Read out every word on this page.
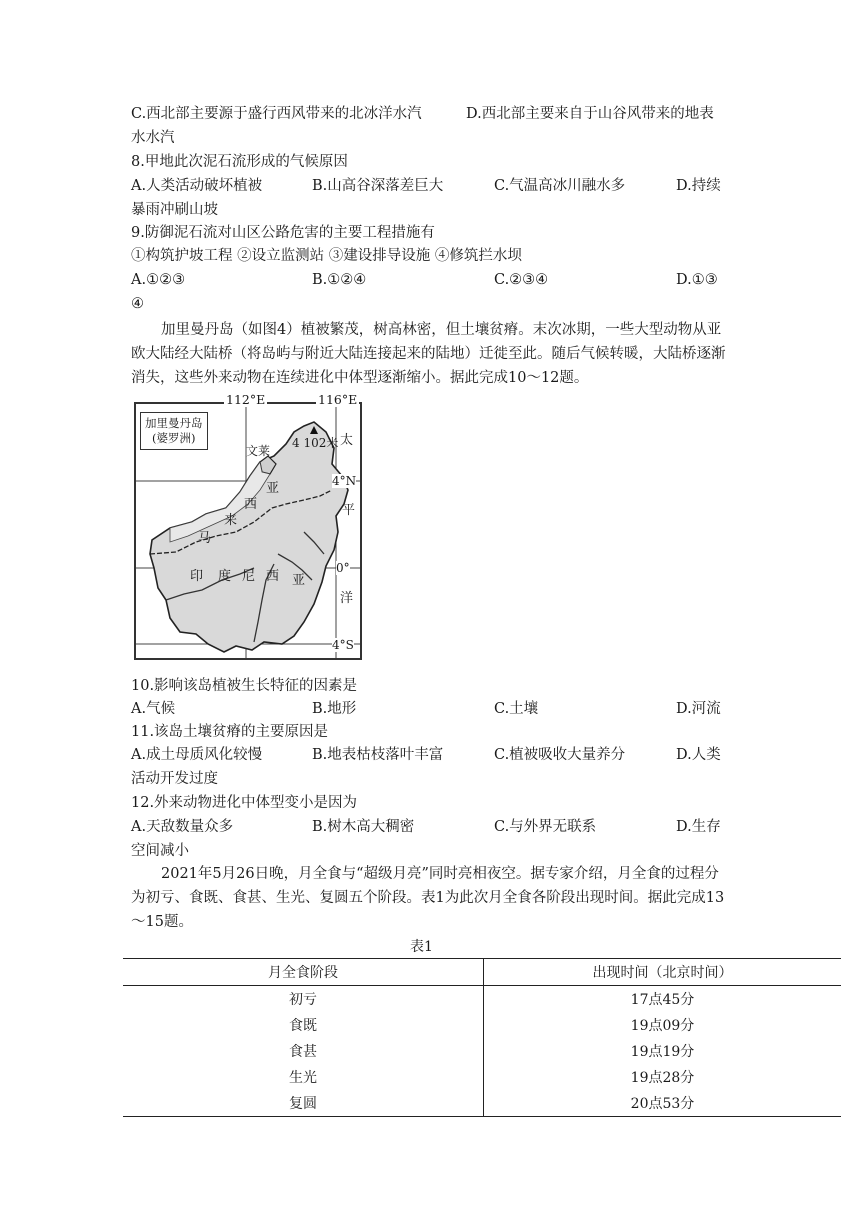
C.西北部主要源于盛行西风带来的北冰洋水汽	D.西北部主要来自于山谷风带来的地表
水水汽
8.甲地此次泥石流形成的气候原因
A.人类活动破坏植被	B.山高谷深落差巨大	C.气温高冰川融水多	D.持续
暴雨冲刷山坡
9.防御泥石流对山区公路危害的主要工程措施有
①构筑护坡工程 ②设立监测站 ③建设排导设施 ④修筑拦水坝
A.①②③	B.①②④	C.②③④	D.①③
④
加里曼丹岛（如图4）植被繁茂，树高林密，但土壤贫瘠。末次冰期，一些大型动物从亚欧大陆经大陆桥（将岛屿与附近大陆连接起来的陆地）迁徙至此。随后气候转暖，大陆桥逐渐消失，这些外来动物在连续进化中体型逐渐缩小。据此完成10～12题。
加里曼丹岛
(婆罗洲)	4 102米
文莱
马
来
西
亚
印 度 尼 西 亚
太
平
洋
4°N
0°
4°S
112°E	116°E
10.影响该岛植被生长特征的因素是
A.气候	B.地形	C.土壤	D.河流
11.该岛土壤贫瘠的主要原因是
A.成土母质风化较慢	B.地表枯枝落叶丰富	C.植被吸收大量养分	D.人类
活动开发过度
12.外来动物进化中体型变小是因为
A.天敌数量众多	B.树木高大稠密	C.与外界无联系	D.生存
空间减小
2021年5月26日晚，月全食与“超级月亮”同时亮相夜空。据专家介绍，月全食的过程分为初亏、食既、食甚、生光、复圆五个阶段。表1为此次月全食各阶段出现时间。据此完成13～15题。
表1
月全食阶段	出现时间（北京时间）
初亏	17点45分
食既	19点09分
食甚	19点19分
生光	19点28分
复圆	20点53分
